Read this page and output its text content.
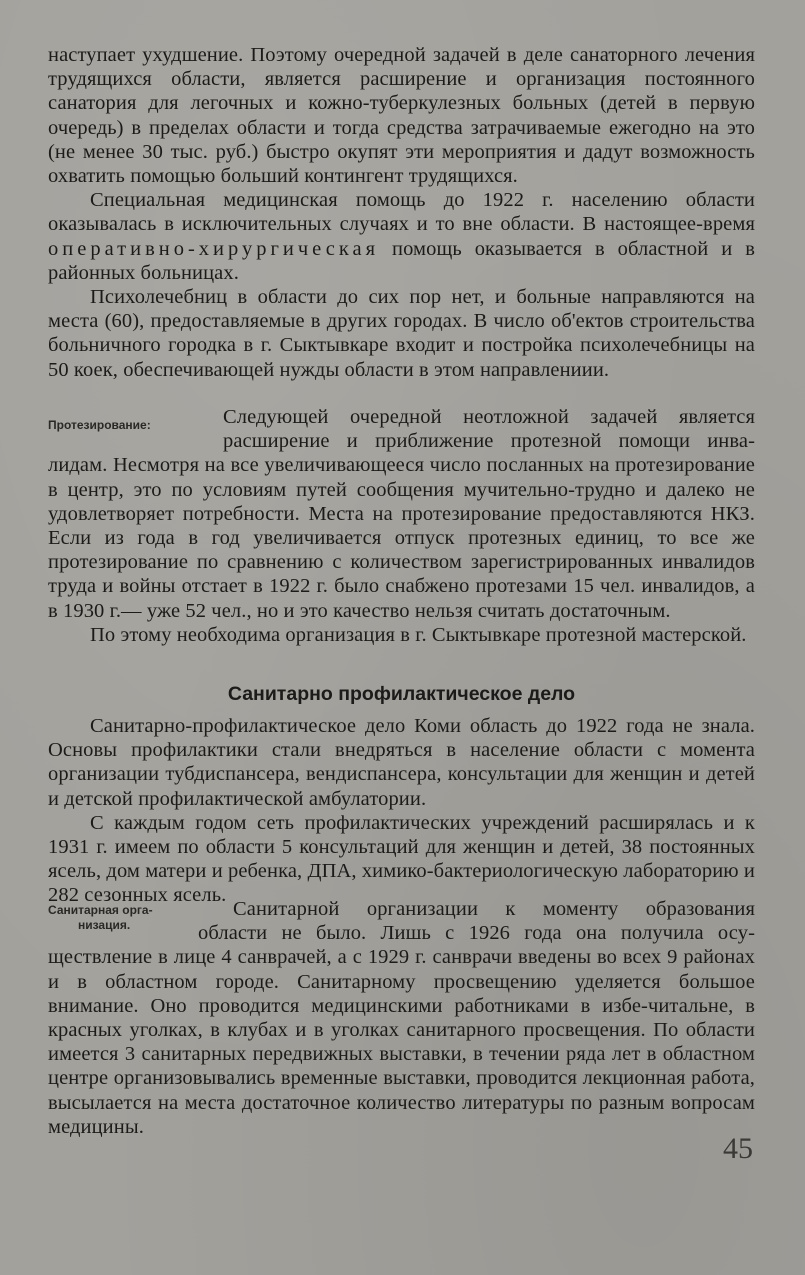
наступает ухудшение. Поэтому очередной задачей в деле санаторного лечения трудящихся области, является расширение и организация постоянного санатория для легочных и кожно-туберкулезных больных (детей в первую очередь) в пределах области и тогда средства затрачиваемые ежегодно на это (не менее 30 тыс. руб.) быстро окупят эти мероприятия и дадут возможность охватить помощью больший контингент трудящихся.

Специальная медицинская помощь до 1922 г. населению области оказывалась в исключительных случаях и то вне области. В настоящее-время оперативно-хирургическая помощь оказывается в областной и в районных больницах.

Психолечебниц в области до сих пор нет, и больные направляются на места (60), предоставляемые в других городах. В число об'ектов строительства больничного городка в г. Сыктывкаре входит и постройка психолечебницы на 50 коек, обеспечивающей нужды области в этом направлениии.

Протезирование:	Следующей очередной неотложной задачей является расширение и приближение протезной помощи инва-
лидам. Несмотря на все увеличивающееся число посланных на протезирование в центр, это по условиям путей сообщения мучительно-трудно и далеко не удовлетворяет потребности. Места на протезирование предоставляются НКЗ. Если из года в год увеличивается отпуск протезных единиц, то все же протезирование по сравнению с количеством зарегистрированных инвалидов труда и войны отстает в 1922 г. было снабжено протезами 15 чел. инвалидов, а в 1930 г.— уже 52 чел., но и это качество нельзя считать достаточным.
По этому необходима организация в г. Сыктывкаре протезной мастерской.
Санитарно профилактическое дело

Санитарно-профилактическое дело Коми область до 1922 года не знала. Основы профилактики стали внедряться в население области с момента организации тубдиспансера, вендиспансера, консультации для женщин и детей и детской профилактической амбулатории.

С каждым годом сеть профилактических учреждений расширялась и к 1931 г. имеем по области 5 консультаций для женщин и детей, 38 постоянных ясель, дом матери и ребенка, ДПА, химико-бактериологическую лабораторию и 282 сезонных ясель.

Санитарная орга-
низация.
Санитарной организации к моменту образования
области не было. Лишь с 1926 года она получила осу-
ществление в лице 4 санврачей, а с 1929 г. санврачи введены во всех 9 районах и в областном городе. Санитарному просвещению уделяется большое внимание. Оно проводится медицинскими работниками в избе-читальне, в красных уголках, в клубах и в уголках санитарного просвещения. По области имеется 3 санитарных передвижных выставки, в течении ряда лет в областном центре организовывались временные выставки, проводится лекционная работа, высылается на места достаточное количество литературы по разным вопросам медицины.
45
